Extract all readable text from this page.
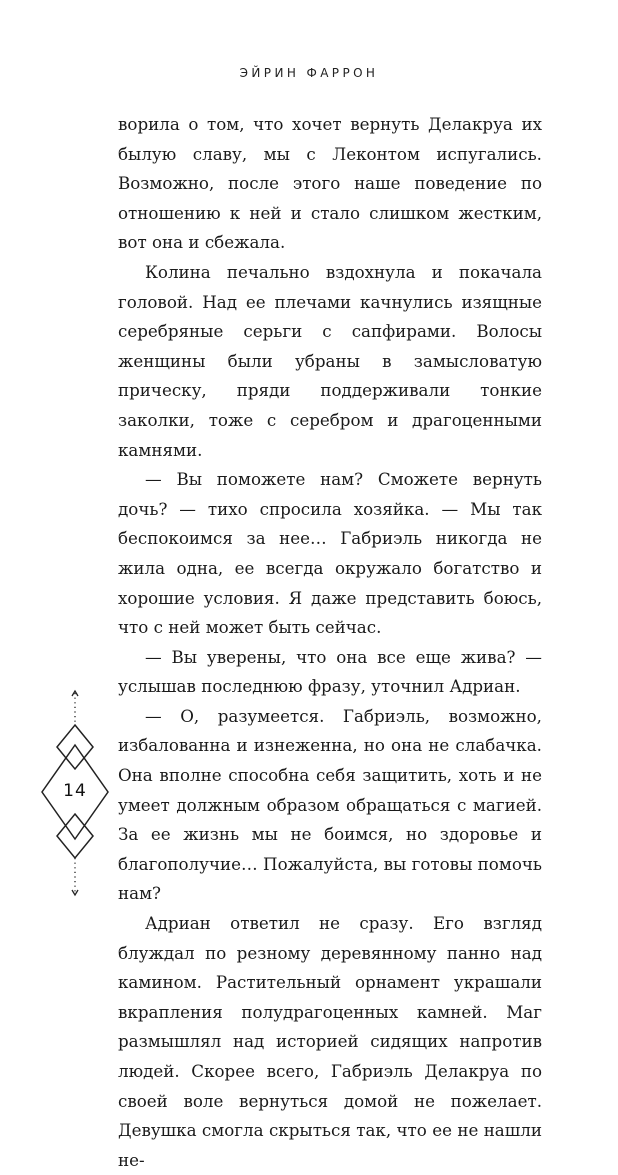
ЭЙРИН ФАРРОН

ворила о том, что хочет вернуть Делакруа их былую славу, мы с Леконтом испугались. Возможно, после этого наше поведение по отношению к ней и стало слишком жестким, вот она и сбежала.

Колина печально вздохнула и покачала головой. Над ее плечами качнулись изящные серебряные серьги с сапфирами. Волосы женщины были убраны в замысловатую прическу, пряди поддерживали тонкие заколки, тоже с серебром и драгоценными камнями.

— Вы поможете нам? Сможете вернуть дочь? — тихо спросила хозяйка. — Мы так беспокоимся за нее… Габриэль никогда не жила одна, ее всегда окружало богатство и хорошие условия. Я даже представить боюсь, что с ней может быть сейчас.

— Вы уверены, что она все еще жива? — услышав последнюю фразу, уточнил Адриан.

— О, разумеется. Габриэль, возможно, избалованна и изнеженна, но она не слабачка. Она вполне способна себя защитить, хоть и не умеет должным образом обращаться с магией. За ее жизнь мы не боимся, но здоровье и благополучие… Пожалуйста, вы готовы помочь нам?

Адриан ответил не сразу. Его взгляд блуждал по резному деревянному панно над камином. Растительный орнамент украшали вкрапления полудрагоценных камней. Маг размышлял над историей сидящих напротив людей. Скорее всего, Габриэль Делакруа по своей воле вернуться домой не пожелает. Девушка смогла скрыться так, что ее не нашли не-

14
